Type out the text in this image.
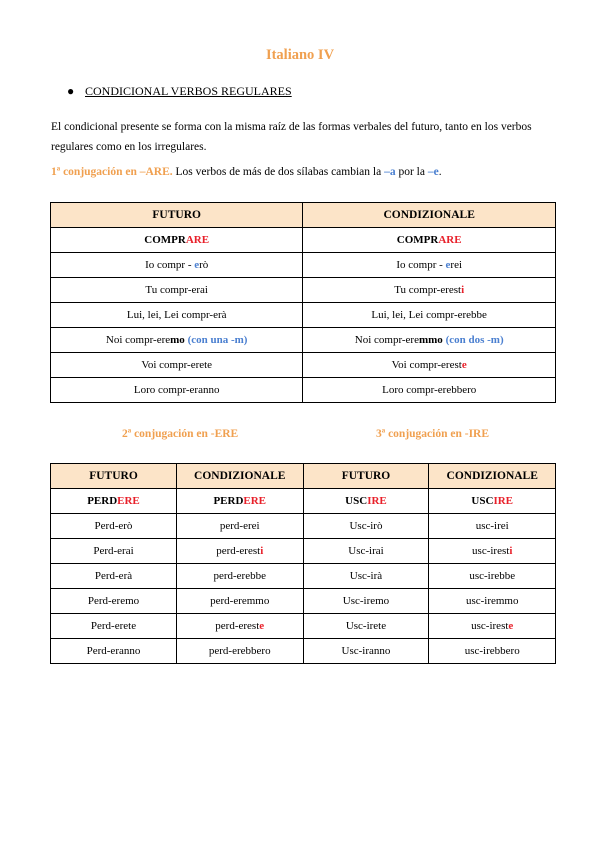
Italiano IV
● CONDICIONAL VERBOS REGULARES
El condicional presente se forma con la misma raíz de las formas verbales del futuro, tanto en los verbos regulares como en los irregulares.
1ª conjugación en –ARE. Los verbos de más de dos sílabas cambian la –a por la –e.
FUTURO	CONDIZIONALE
COMPRARE	COMPRARE
Io compr - erò	Io compr - erei
Tu compr-erai	Tu compr-eresti
Lui, lei, Lei compr-erà	Lui, lei, Lei compr-erebbe
Noi compr-eremo (con una -m)	Noi compr-eremmo (con dos -m)
Voi compr-erete	Voi compr-ereste
Loro compr-eranno	Loro compr-erebbero
2ª conjugación en -ERE	3ª conjugación en -IRE
FUTURO	CONDIZIONALE	FUTURO	CONDIZIONALE
PERDERE	PERDERE	USCIRE	USCIRE
Perd-erò	perd-erei	Usc-irò	usc-irei
Perd-erai	perd-eresti	Usc-irai	usc-iresti
Perd-erà	perd-erebbe	Usc-irà	usc-irebbe
Perd-eremo	perd-eremmo	Usc-iremo	usc-iremmo
Perd-erete	perd-ereste	Usc-irete	usc-ireste
Perd-eranno	perd-erebbero	Usc-iranno	usc-irebbero
